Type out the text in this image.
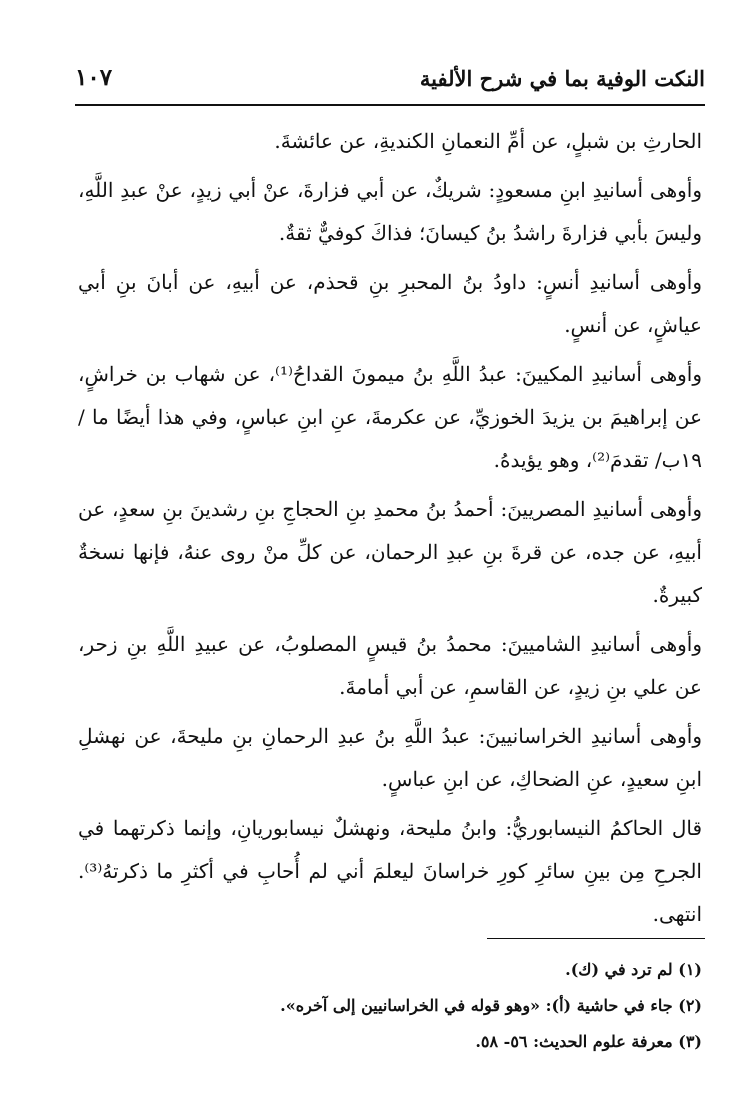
النكت الوفية بما في شرح الألفية
١٠٧

الحارثِ بن شبلٍ، عن أمِّ النعمانِ الكنديةِ، عن عائشةَ.

وأوهى أسانيدِ ابنِ مسعودٍ: شريكٌ، عن أبي فزارةَ، عنْ أبي زيدٍ، عنْ عبدِ اللَّهِ، وليسَ بأبي فزارةَ راشدُ بنُ كيسانَ؛ فذاكَ كوفيٌّ ثقةٌ.

وأوهى أسانيدِ أنسٍ: داودُ بنُ المحبرِ بنِ قحذم، عن أبيهِ، عن أبانَ بنِ أبي عياشٍ، عن أنسٍ.

وأوهى أسانيدِ المكيينَ: عبدُ اللَّهِ بنُ ميمونَ القداحُ⁽¹⁾، عن شهاب بن خراشٍ، عن إبراهيمَ بن يزيدَ الخوزيِّ، عن عكرمةَ، عنِ ابنِ عباسٍ، وفي هذا أيضًا ما /١٩ب/ تقدمَ⁽²⁾، وهو يؤيدهُ.

وأوهى أسانيدِ المصريينَ: أحمدُ بنُ محمدِ بنِ الحجاجِ بنِ رشدينَ بنِ سعدٍ، عن أبيهِ، عن جده، عن قرةَ بنِ عبدِ الرحمان، عن كلِّ منْ روى عنهُ، فإنها نسخةٌ كبيرةٌ.

وأوهى أسانيدِ الشاميينَ: محمدُ بنُ قيسٍ المصلوبُ، عن عبيدِ اللَّهِ بنِ زحر، عن علي بنِ زيدٍ، عن القاسمِ، عن أبي أمامةَ.

وأوهى أسانيدِ الخراسانيينَ: عبدُ اللَّهِ بنُ عبدِ الرحمانِ بنِ مليحةَ، عن نهشلِ ابنِ سعيدٍ، عنِ الضحاكِ، عن ابنِ عباسٍ.

قال الحاكمُ النيسابوريُّ: وابنُ مليحة، ونهشلٌ نيسابوريانِ، وإنما ذكرتهما في الجرحِ مِن بينِ سائرِ كورِ خراسانَ ليعلمَ أني لم أُحابِ في أكثرِ ما ذكرتهُ⁽³⁾. انتهى.

(١) لم ترد في (ك).
(٢) جاء في حاشية (أ): «وهو قوله في الخراسانيين إلى آخره».
(٣) معرفة علوم الحديث: ٥٦- ٥٨.
